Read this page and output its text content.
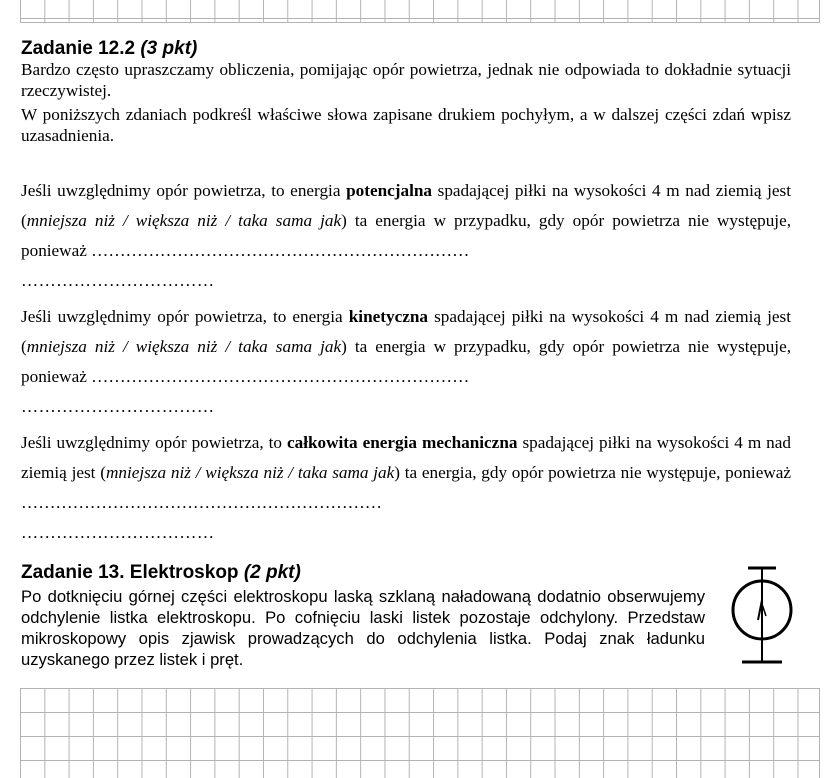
Zadanie 12.2 (3 pkt)
Bardzo często upraszczamy obliczenia, pomijając opór powietrza, jednak nie odpowiada to dokładnie sytuacji rzeczywistej.
W poniższych zdaniach podkreśl właściwe słowa zapisane drukiem pochyłym, a w dalszej części zdań wpisz uzasadnienia.
Jeśli uwzględnimy opór powietrza, to energia potencjalna spadającej piłki na wysokości 4 m nad ziemią jest (mniejsza niż / większa niż / taka sama jak) ta energia w przypadku, gdy opór powietrza nie występuje, ponieważ …………………………………………………………
……………………………
Jeśli uwzględnimy opór powietrza, to energia kinetyczna spadającej piłki na wysokości 4 m nad ziemią jest (mniejsza niż / większa niż / taka sama jak) ta energia w przypadku, gdy opór powietrza nie występuje, ponieważ …………………………………………………………
……………………………
Jeśli uwzględnimy opór powietrza, to całkowita energia mechaniczna spadającej piłki na wysokości 4 m nad ziemią jest (mniejsza niż / większa niż / taka sama jak) ta energia, gdy opór powietrza nie występuje, ponieważ ………………………………………………………
……………………………
Zadanie 13. Elektroskop (2 pkt)
Po dotknięciu górnej części elektroskopu laską szklaną naładowaną dodatnio obserwujemy odchylenie listka elektroskopu. Po cofnięciu laski listek pozostaje odchylony. Przedstaw mikroskopowy opis zjawisk prowadzących do odchylenia listka. Podaj znak ładunku uzyskanego przez listek i pręt.
